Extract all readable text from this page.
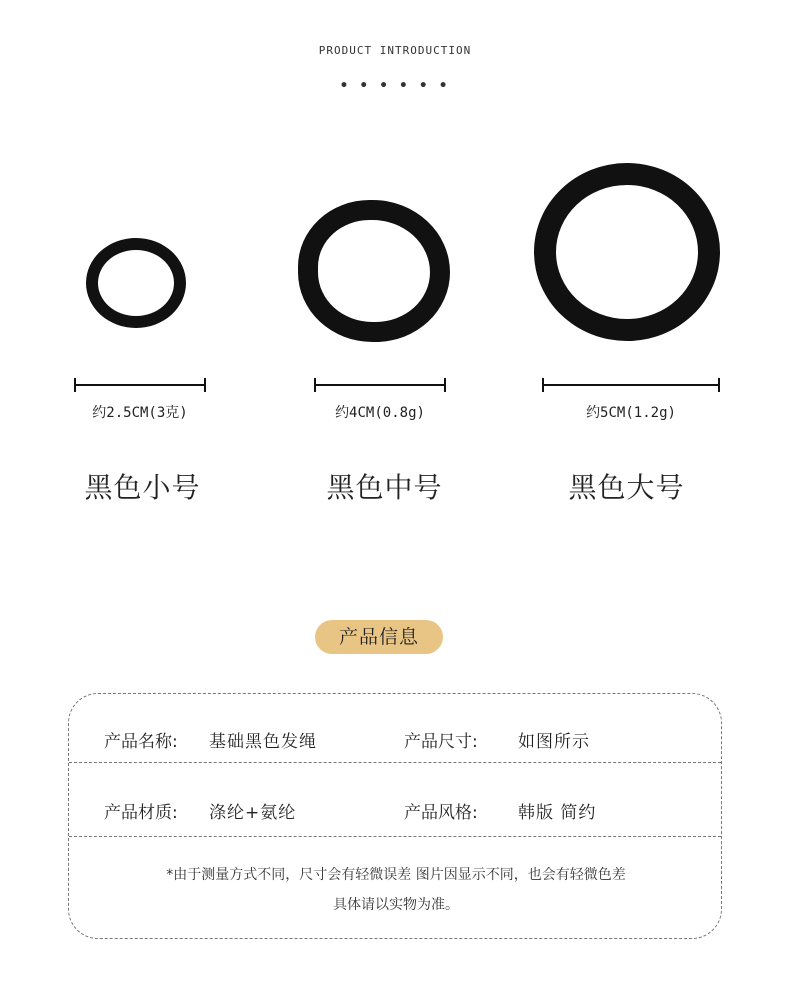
PRODUCT INTRODUCTION
• • • • • •
约2.5CM(3克)	约4CM(0.8g)	约5CM(1.2g)
黑色小号	黑色中号	黑色大号
产品信息
产品名称: 基础黑色发绳	产品尺寸: 如图所示
产品材质: 涤纶+氨纶	产品风格: 韩版 简约
*由于测量方式不同，尺寸会有轻微误差 图片因显示不同，也会有轻微色差
具体请以实物为准。
